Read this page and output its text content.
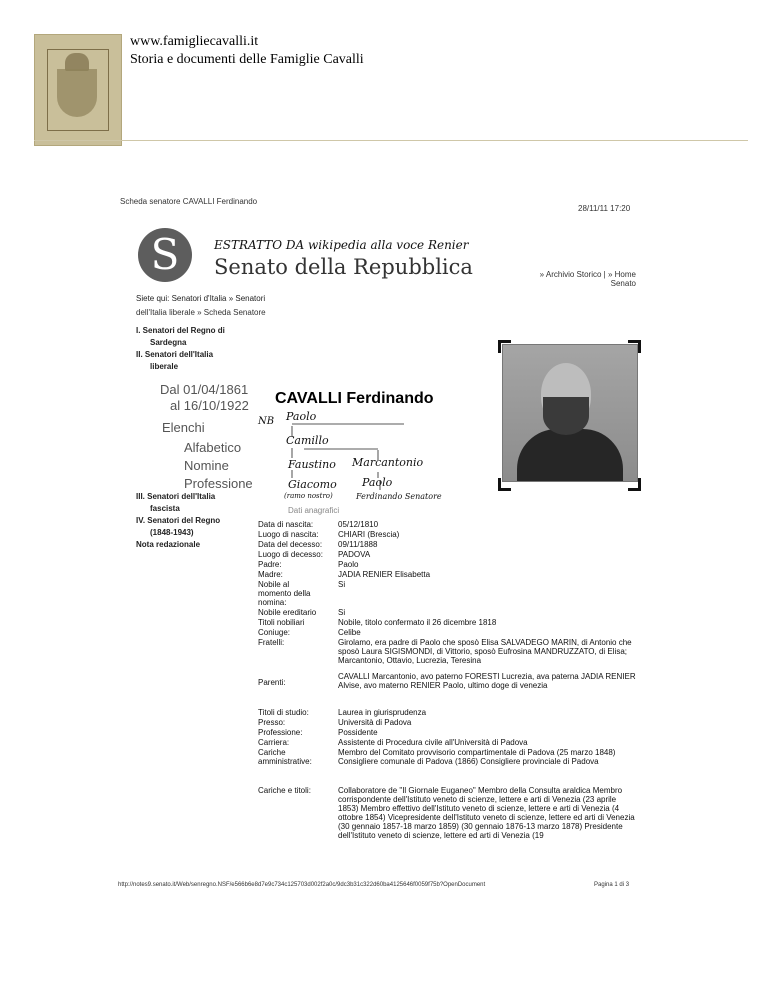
www.famigliecavalli.it
Storia e documenti delle Famiglie Cavalli
Scheda senatore CAVALLI Ferdinando
28/11/11 17:20
ESTRATTO DA wikipedia alla voce Renier
S	Senato della Repubblica	» Archivio Storico | » Home
Senato
Siete qui: Senatori d'Italia » Senatori
dell'Italia liberale » Scheda Senatore
I. Senatori del Regno di
Sardegna
II. Senatori dell'Italia
liberale
Dal 01/04/1861
al 16/10/1922
Elenchi
Alfabetico
Nomine
Professione
III. Senatori dell'Italia
fascista
IV. Senatori del Regno
(1848-1943)
Nota redazionale
Dati anagrafici
CAVALLI Ferdinando
NB Paolo
Camillo
Faustino Marcantonio
Giacomo Paolo
(ramo nostro)	Ferdinando Senatore
Data di nascita:	05/12/1810
Luogo di nascita:	CHIARI (Brescia)
Data del decesso:	09/11/1888
Luogo di decesso:	PADOVA
Padre:	Paolo
Madre:	JADIA RENIER Elisabetta
Nobile al momento della nomina:
Si
Nobile ereditario	Si
Titoli nobiliari	Nobile, titolo confermato il 26 dicembre 1818
Coniuge:	Celibe
Fratelli:	Girolamo, era padre di Paolo che sposò Elisa SALVADEGO MARIN, di Antonio che sposò Laura SIGISMONDI, di Vittorio, sposò Eufrosina MANDRUZZATO, di Elisa; Marcantonio, Ottavio, Lucrezia, Teresina
Parenti:
CAVALLI Marcantonio, avo paterno FORESTI Lucrezia, ava paterna JADIA RENIER Alvise, avo materno RENIER Paolo, ultimo doge di venezia
Titoli di studio:	Laurea in giurisprudenza
Presso:	Università di Padova
Professione:	Possidente
Carriera:	Assistente di Procedura civile all'Università di Padova
Cariche amministrative:
Membro del Comitato provvisorio compartimentale di Padova (25 marzo 1848) Consigliere comunale di Padova (1866) Consigliere provinciale di Padova
Cariche e titoli:	Collaboratore de "Il Giornale Euganeo" Membro della Consulta araldica Membro corrispondente dell'Istituto veneto di scienze, lettere e arti di Venezia (23 aprile 1853) Membro effettivo dell'Istituto veneto di scienze, lettere e arti di Venezia (4 ottobre 1854) Vicepresidente dell'Istituto veneto di scienze, lettere ed arti di Venezia (30 gennaio 1857-18 marzo 1859) (30 gennaio 1876-13 marzo 1878) Presidente dell'Istituto veneto di scienze, lettere ed arti di Venezia (19
http://notes9.senato.it/Web/senregno.NSF/e566b6e8d7e9c734c125703d002f2a0c/9dc3b31c322d60ba4125646f0059f75b?OpenDocument	Pagina 1 di 3
